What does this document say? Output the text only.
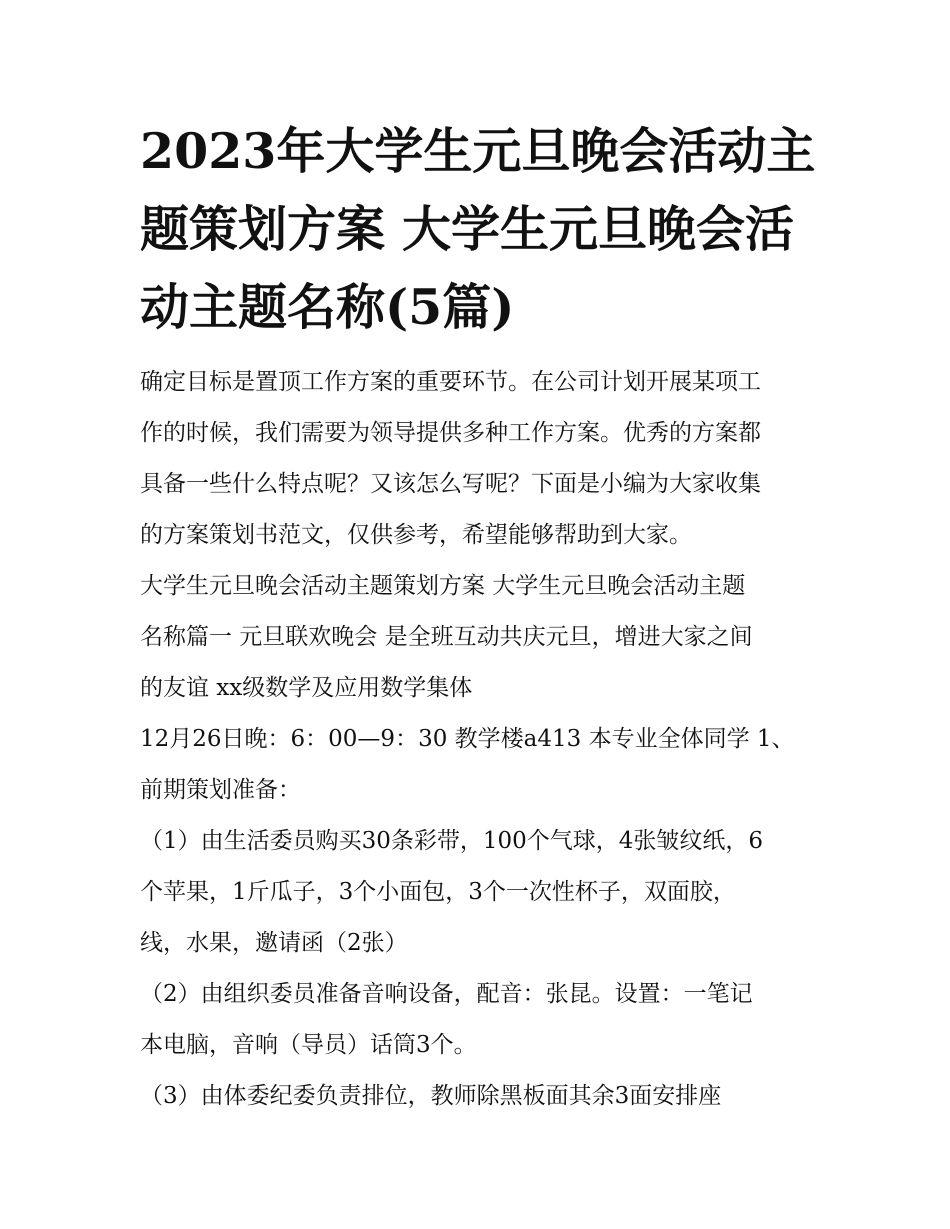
2023年大学生元旦晚会活动主
题策划方案 大学生元旦晚会活
动主题名称(5篇)

确定目标是置顶工作方案的重要环节。在公司计划开展某项工
作的时候，我们需要为领导提供多种工作方案。优秀的方案都
具备一些什么特点呢？又该怎么写呢？下面是小编为大家收集
的方案策划书范文，仅供参考，希望能够帮助到大家。

大学生元旦晚会活动主题策划方案 大学生元旦晚会活动主题
名称篇一 元旦联欢晚会 是全班互动共庆元旦，增进大家之间
的友谊 xx级数学及应用数学集体

12月26日晚：6：00—9：30 教学楼a413 本专业全体同学 1、
前期策划准备：

（1）由生活委员购买30条彩带，100个气球，4张皱纹纸，6
个苹果，1斤瓜子，3个小面包，3个一次性杯子，双面胶，
线，水果，邀请函（2张）

（2）由组织委员准备音响设备，配音：张昆。设置：一笔记
本电脑，音响（导员）话筒3个。

（3）由体委纪委负责排位，教师除黑板面其余3面安排座
